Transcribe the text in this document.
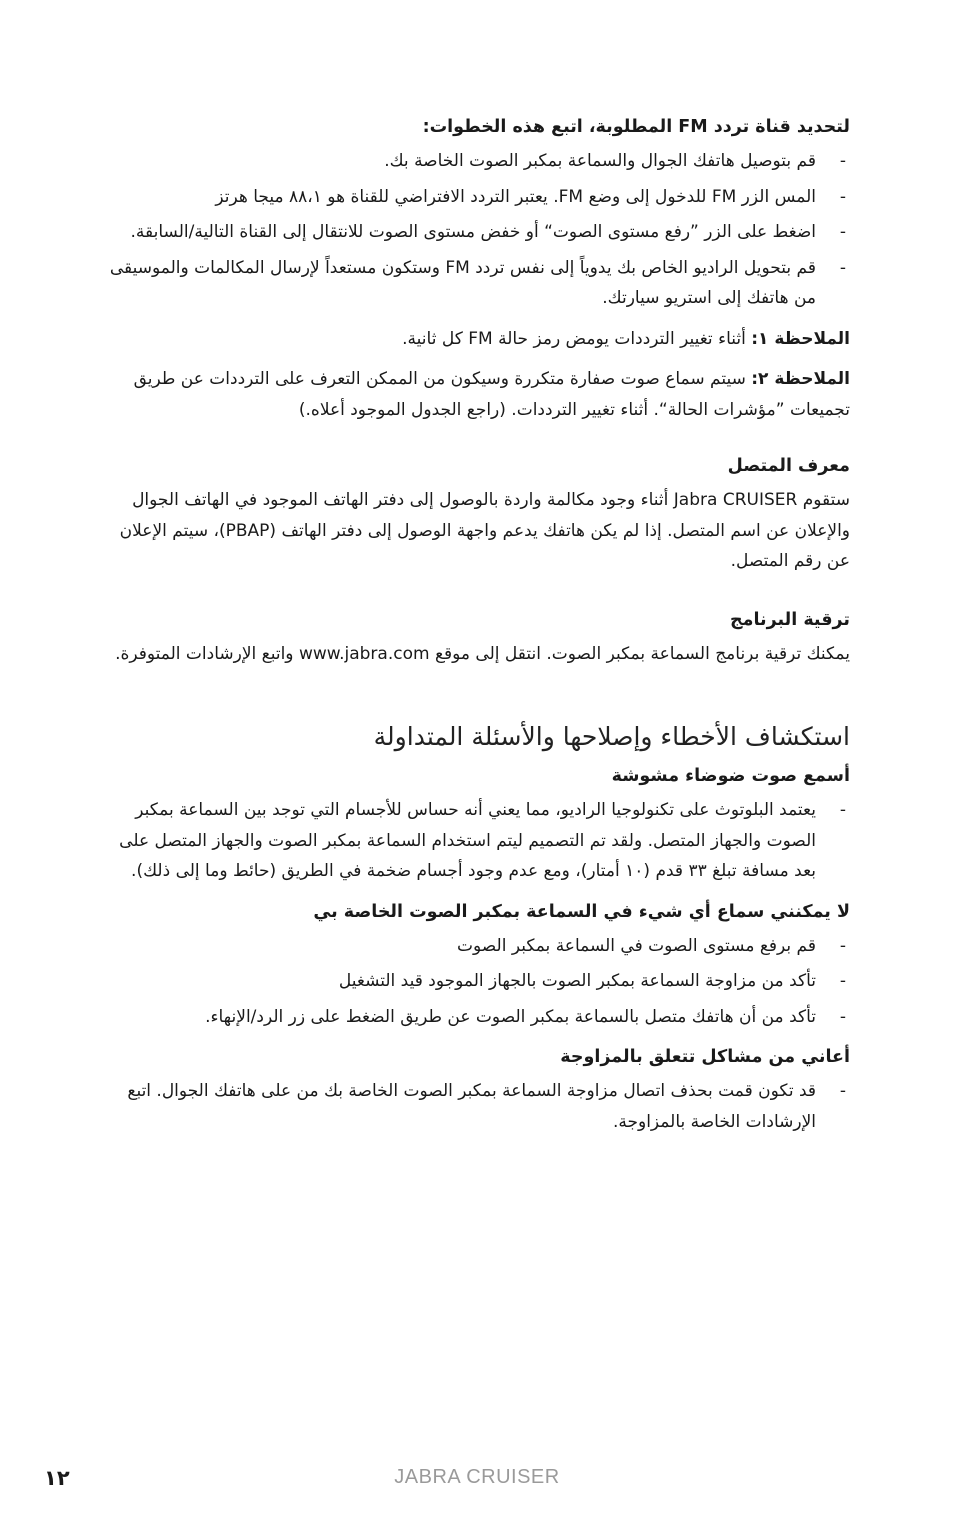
لتحديد قناة تردد FM المطلوبة، اتبع هذه الخطوات:

- قم بتوصيل هاتفك الجوال والسماعة بمكبر الصوت الخاصة بك.
- المس الزر FM للدخول إلى وضع FM. يعتبر التردد الافتراضي للقناة هو ٨٨،١ ميجا هرتز
- اضغط على الزر ”رفع مستوى الصوت“ أو خفض مستوى الصوت للانتقال إلى القناة التالية/السابقة.
- قم بتحويل الراديو الخاص بك يدوياً إلى نفس تردد FM وستكون مستعداً لإرسال المكالمات والموسيقى من هاتفك إلى استريو سيارتك.

الملاحظة ١: أثناء تغيير الترددات يومض رمز حالة FM كل ثانية.

الملاحظة ٢: سيتم سماع صوت صفارة متكررة وسيكون من الممكن التعرف على الترددات عن طريق تجميعات ”مؤشرات الحالة“. أثناء تغيير الترددات. (راجع الجدول الموجود أعلاه.)

معرف المتصل

ستقوم Jabra CRUISER أثناء وجود مكالمة واردة بالوصول إلى دفتر الهاتف الموجود في الهاتف الجوال والإعلان عن اسم المتصل. إذا لم يكن هاتفك يدعم واجهة الوصول إلى دفتر الهاتف (PBAP)، سيتم الإعلان عن رقم المتصل.

ترقية البرنامج

يمكنك ترقية برنامج السماعة بمكبر الصوت. انتقل إلى موقع www.jabra.com واتبع الإرشادات المتوفرة.

استكشاف الأخطاء وإصلاحها والأسئلة المتداولة

أسمع صوت ضوضاء مشوشة

- يعتمد البلوتوث على تكنولوجيا الراديو، مما يعني أنه حساس للأجسام التي توجد بين السماعة بمكبر الصوت والجهاز المتصل. ولقد تم التصميم ليتم استخدام السماعة بمكبر الصوت والجهاز المتصل على بعد مسافة تبلغ ٣٣ قدم (١٠ أمتار)، ومع عدم وجود أجسام ضخمة في الطريق (حائط وما إلى ذلك).

لا يمكنني سماع أي شيء في السماعة بمكبر الصوت الخاصة بي

- قم برفع مستوى الصوت في السماعة بمكبر الصوت
- تأكد من مزاوجة السماعة بمكبر الصوت بالجهاز الموجود قيد التشغيل
- تأكد من أن هاتفك متصل بالسماعة بمكبر الصوت عن طريق الضغط على زر الرد/الإنهاء.

أعاني من مشاكل تتعلق بالمزاوجة

- قد تكون قمت بحذف اتصال مزاوجة السماعة بمكبر الصوت الخاصة بك من على هاتفك الجوال. اتبع الإرشادات الخاصة بالمزاوجة.
JABRA CRUISER
١٢
